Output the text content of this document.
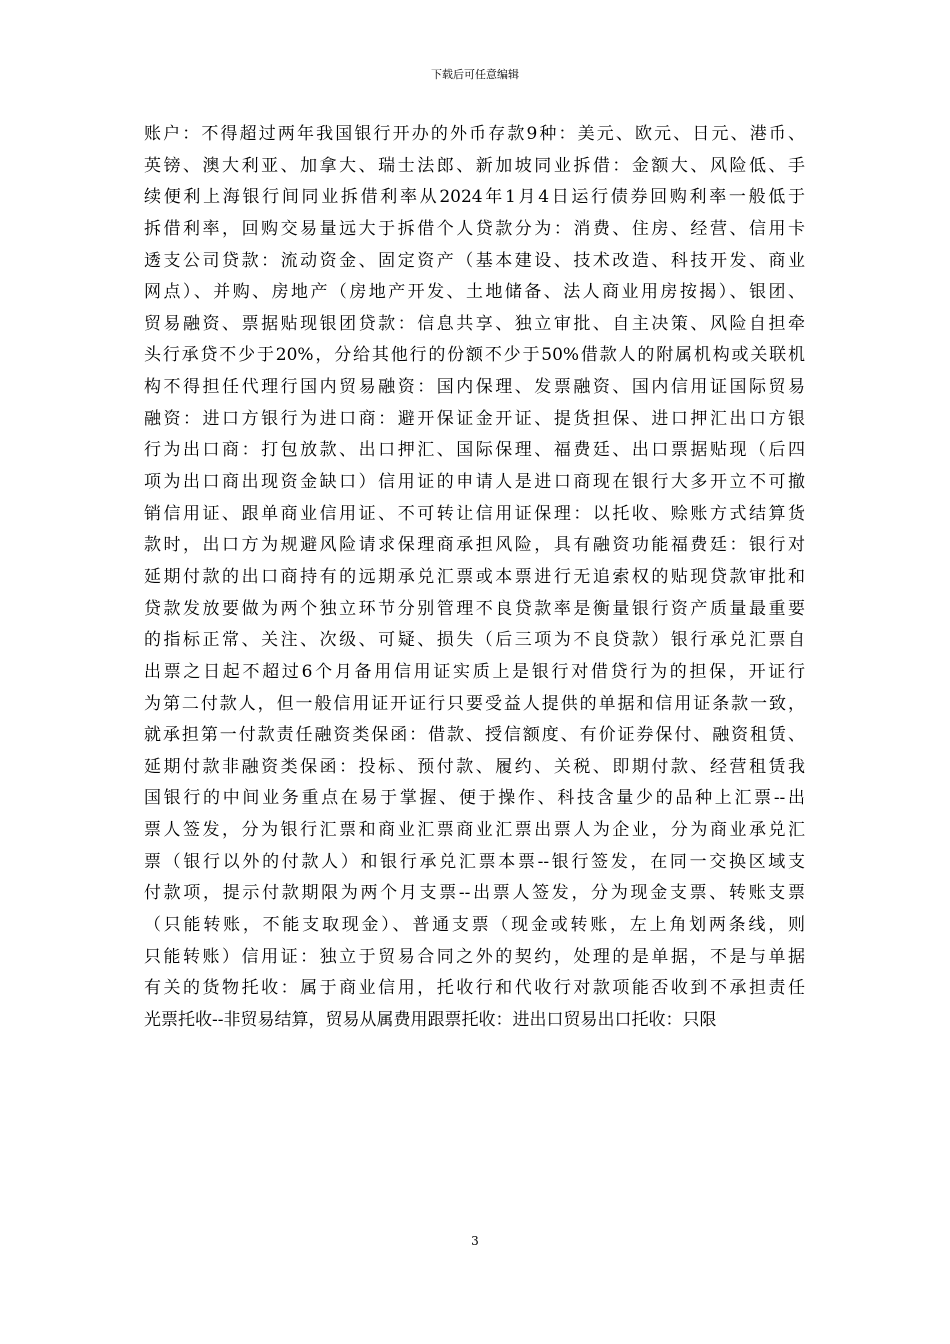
下载后可任意编辑
账户：不得超过两年我国银行开办的外币存款9种：美元、欧元、日元、港币、
英镑、澳大利亚、加拿大、瑞士法郎、新加坡同业拆借：金额大、风险低、手
续便利上海银行间同业拆借利率从2024年1月4日运行债券回购利率一般低于
拆借利率，回购交易量远大于拆借个人贷款分为：消费、住房、经营、信用卡
透支公司贷款：流动资金、固定资产（基本建设、技术改造、科技开发、商业
网点）、并购、房地产（房地产开发、土地储备、法人商业用房按揭）、银团、
贸易融资、票据贴现银团贷款：信息共享、独立审批、自主决策、风险自担牵
头行承贷不少于20%，分给其他行的份额不少于50%借款人的附属机构或关联机
构不得担任代理行国内贸易融资：国内保理、发票融资、国内信用证国际贸易
融资：进口方银行为进口商：避开保证金开证、提货担保、进口押汇出口方银
行为出口商：打包放款、出口押汇、国际保理、福费廷、出口票据贴现（后四
项为出口商出现资金缺口）信用证的申请人是进口商现在银行大多开立不可撤
销信用证、跟单商业信用证、不可转让信用证保理：以托收、赊账方式结算货
款时，出口方为规避风险请求保理商承担风险，具有融资功能福费廷：银行对
延期付款的出口商持有的远期承兑汇票或本票进行无追索权的贴现贷款审批和
贷款发放要做为两个独立环节分别管理不良贷款率是衡量银行资产质量最重要
的指标正常、关注、次级、可疑、损失（后三项为不良贷款）银行承兑汇票自
出票之日起不超过6个月备用信用证实质上是银行对借贷行为的担保，开证行
为第二付款人，但一般信用证开证行只要受益人提供的单据和信用证条款一致，
就承担第一付款责任融资类保函：借款、授信额度、有价证券保付、融资租赁、
延期付款非融资类保函：投标、预付款、履约、关税、即期付款、经营租赁我
国银行的中间业务重点在易于掌握、便于操作、科技含量少的品种上汇票--出
票人签发，分为银行汇票和商业汇票商业汇票出票人为企业，分为商业承兑汇
票（银行以外的付款人）和银行承兑汇票本票--银行签发，在同一交换区域支
付款项，提示付款期限为两个月支票--出票人签发，分为现金支票、转账支票
（只能转账，不能支取现金）、普通支票（现金或转账，左上角划两条线，则
只能转账）信用证：独立于贸易合同之外的契约，处理的是单据，不是与单据
有关的货物托收：属于商业信用，托收行和代收行对款项能否收到不承担责任
光票托收--非贸易结算，贸易从属费用跟票托收：进出口贸易出口托收：只限
3
